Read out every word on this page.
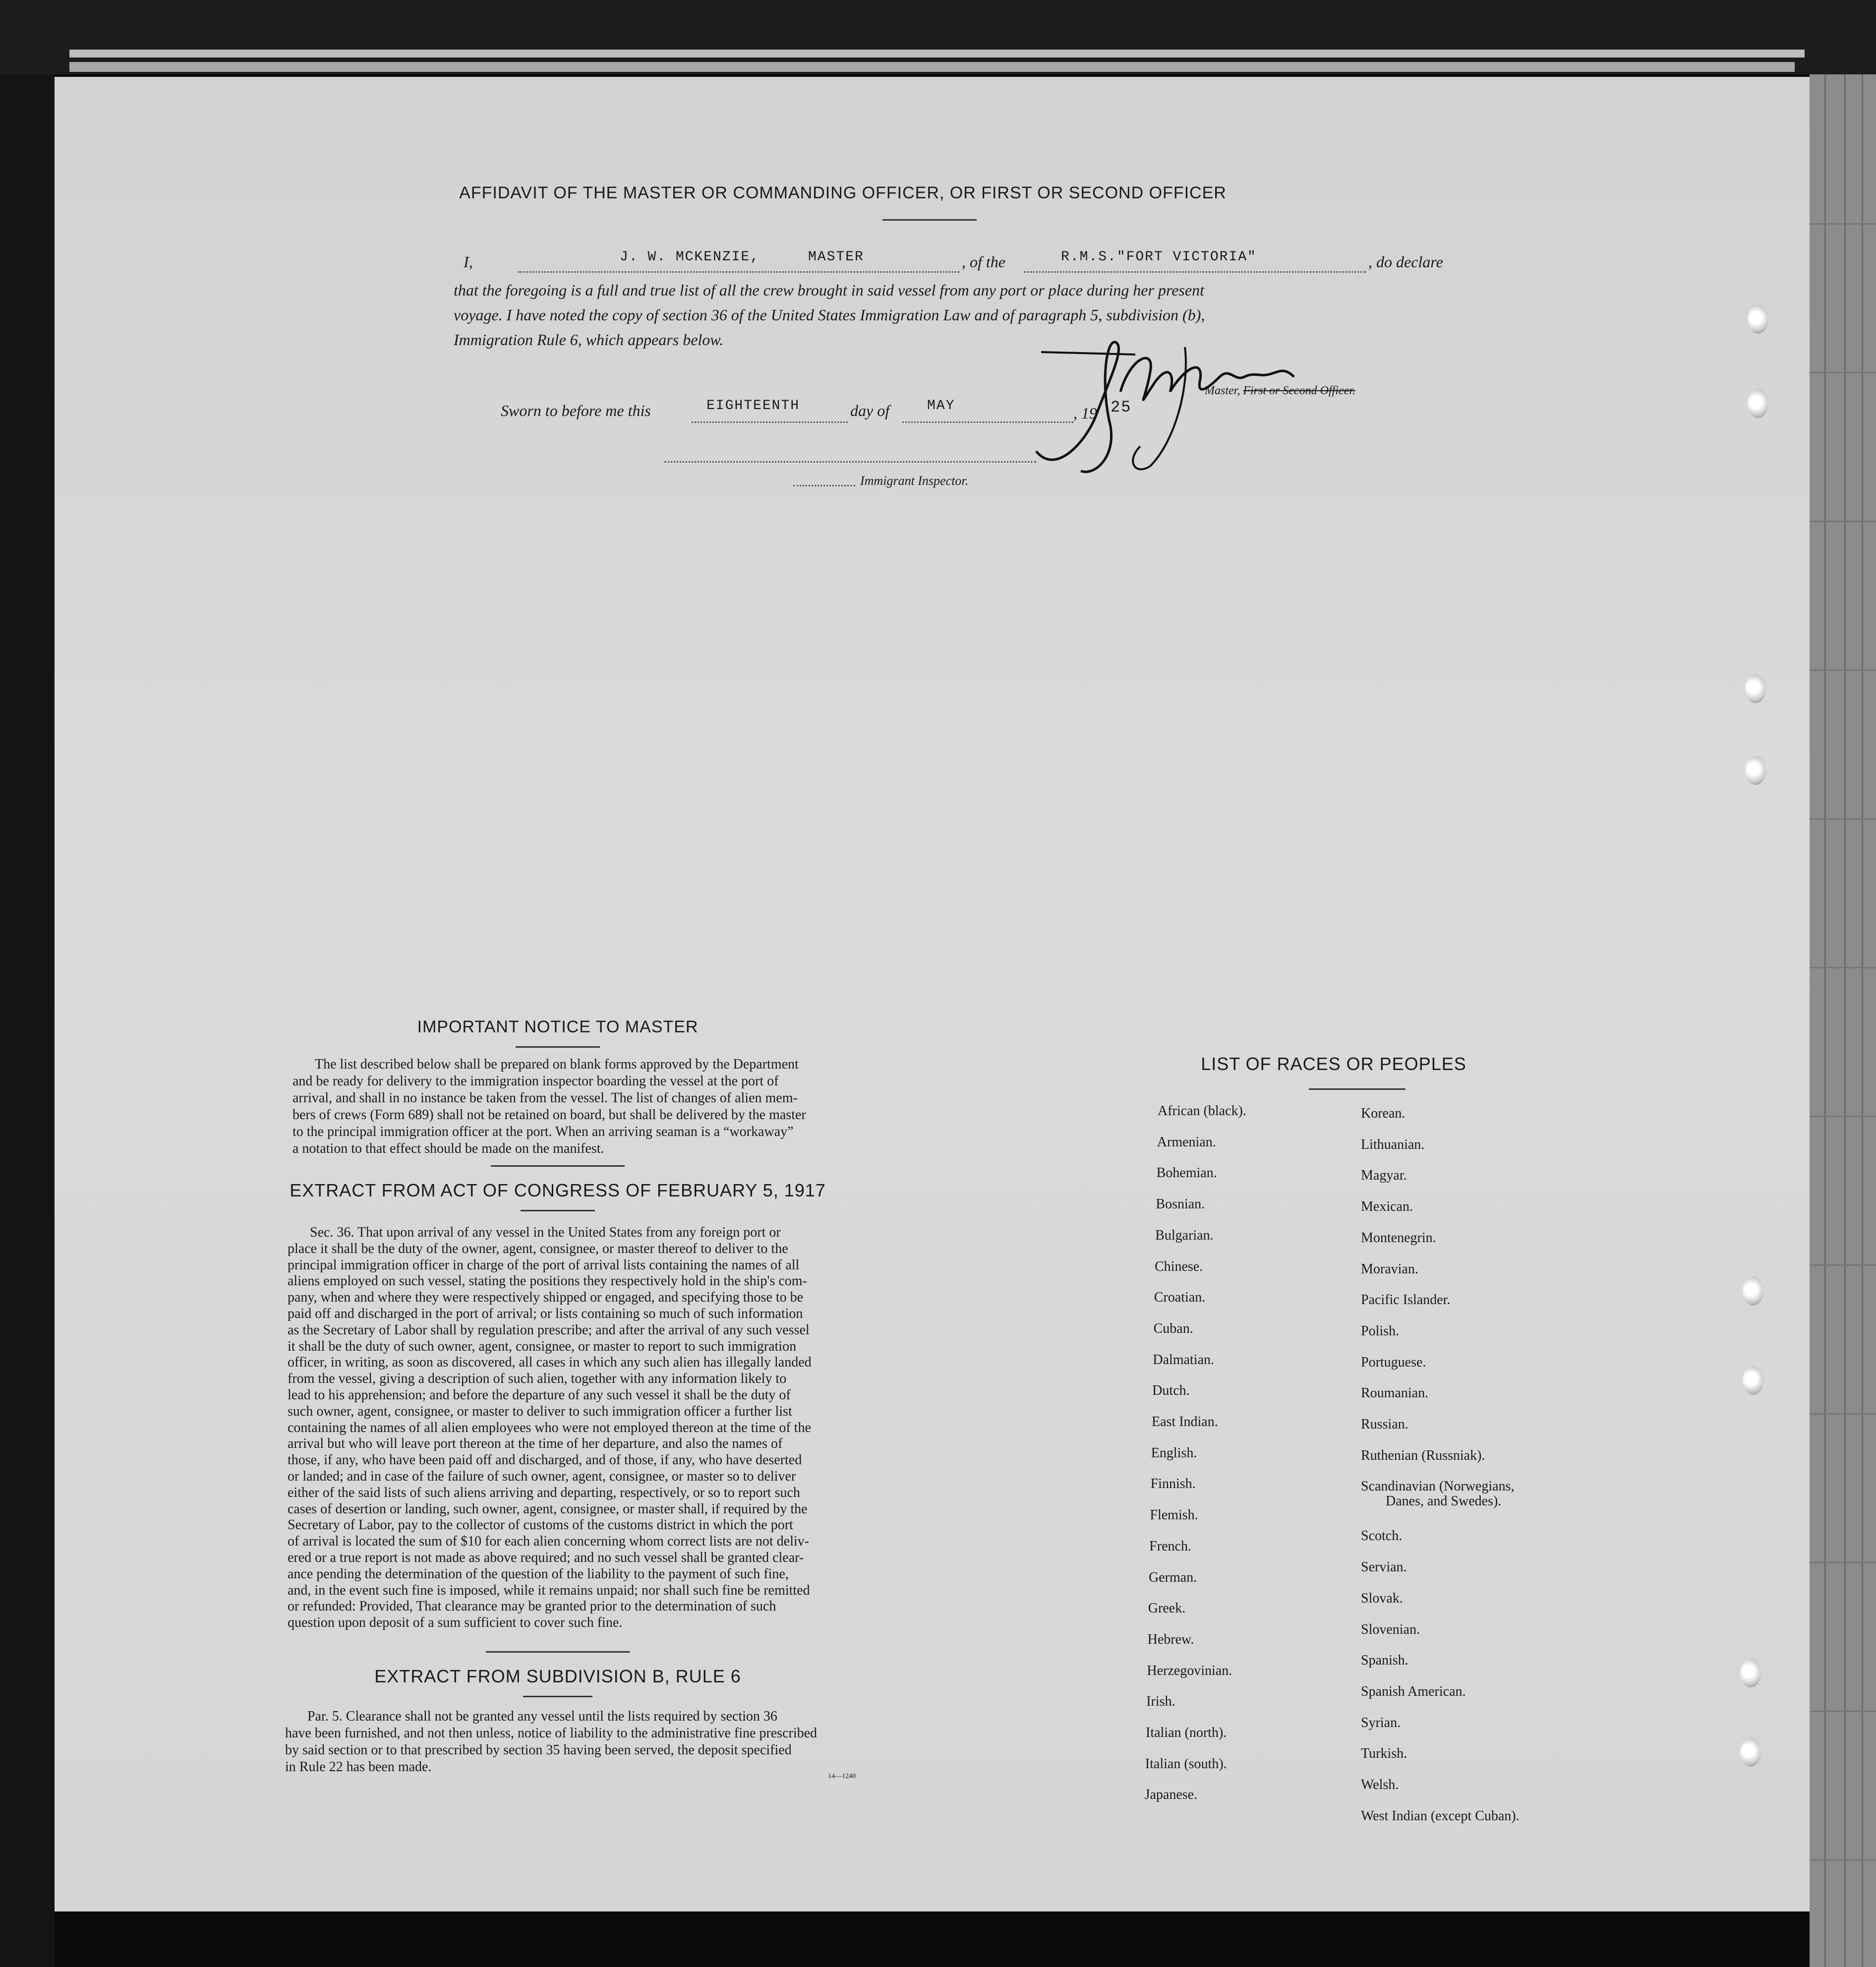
AFFIDAVIT OF THE MASTER OR COMMANDING OFFICER, OR FIRST OR SECOND OFFICER
I,	J. W. MCKENZIE,	MASTER	, of the	R.M.S."FORT VICTORIA"	, do declare
that the foregoing is a full and true list of all the crew brought in said vessel from any port or place during her present
voyage. I have noted the copy of section 36 of the United States Immigration Law and of paragraph 5, subdivision (b),
Immigration Rule 6, which appears below.
Sworn to before me this	EIGHTEENTH	day of	MAY	, 19 25
Master, First or Second Officer.
Immigrant Inspector.
IMPORTANT NOTICE TO MASTER

The list described below shall be prepared on blank forms approved by the Department

and be ready for delivery to the immigration inspector boarding the vessel at the port of

arrival, and shall in no instance be taken from the vessel. The list of changes of alien mem-

bers of crews (Form 689) shall not be retained on board, but shall be delivered by the master

to the principal immigration officer at the port. When an arriving seaman is a “workaway”

a notation to that effect should be made on the manifest.

EXTRACT FROM ACT OF CONGRESS OF FEBRUARY 5, 1917

Sec. 36. That upon arrival of any vessel in the United States from any foreign port or

place it shall be the duty of the owner, agent, consignee, or master thereof to deliver to the

principal immigration officer in charge of the port of arrival lists containing the names of all

aliens employed on such vessel, stating the positions they respectively hold in the ship's com-

pany, when and where they were respectively shipped or engaged, and specifying those to be

paid off and discharged in the port of arrival; or lists containing so much of such information

as the Secretary of Labor shall by regulation prescribe; and after the arrival of any such vessel

it shall be the duty of such owner, agent, consignee, or master to report to such immigration

officer, in writing, as soon as discovered, all cases in which any such alien has illegally landed

from the vessel, giving a description of such alien, together with any information likely to

lead to his apprehension; and before the departure of any such vessel it shall be the duty of

such owner, agent, consignee, or master to deliver to such immigration officer a further list

containing the names of all alien employees who were not employed thereon at the time of the

arrival but who will leave port thereon at the time of her departure, and also the names of

those, if any, who have been paid off and discharged, and of those, if any, who have deserted

or landed; and in case of the failure of such owner, agent, consignee, or master so to deliver

either of the said lists of such aliens arriving and departing, respectively, or so to report such

cases of desertion or landing, such owner, agent, consignee, or master shall, if required by the

Secretary of Labor, pay to the collector of customs of the customs district in which the port

of arrival is located the sum of $10 for each alien concerning whom correct lists are not deliv-

ered or a true report is not made as above required; and no such vessel shall be granted clear-

ance pending the determination of the question of the liability to the payment of such fine,

and, in the event such fine is imposed, while it remains unpaid; nor shall such fine be remitted

or refunded: Provided, That clearance may be granted prior to the determination of such

question upon deposit of a sum sufficient to cover such fine.

EXTRACT FROM SUBDIVISION B, RULE 6

Par. 5. Clearance shall not be granted any vessel until the lists required by section 36

have been furnished, and not then unless, notice of liability to the administrative fine prescribed

by said section or to that prescribed by section 35 having been served, the deposit specified

in Rule 22 has been made.

14—1240
LIST OF RACES OR PEOPLES
African (black).
Armenian.
Bohemian.
Bosnian.
Bulgarian.
Chinese.
Croatian.
Cuban.
Dalmatian.
Dutch.
East Indian.
English.
Finnish.
Flemish.
French.
German.
Greek.
Hebrew.
Herzegovinian.
Irish.
Italian (north).
Italian (south).
Japanese.
Korean.
Lithuanian.
Magyar.
Mexican.
Montenegrin.
Moravian.
Pacific Islander.
Polish.
Portuguese.
Roumanian.
Russian.
Ruthenian (Russniak).
Scandinavian (Norwegians,
Danes, and Swedes).
Scotch.
Servian.
Slovak.
Slovenian.
Spanish.
Spanish American.
Syrian.
Turkish.
Welsh.
West Indian (except Cuban).
